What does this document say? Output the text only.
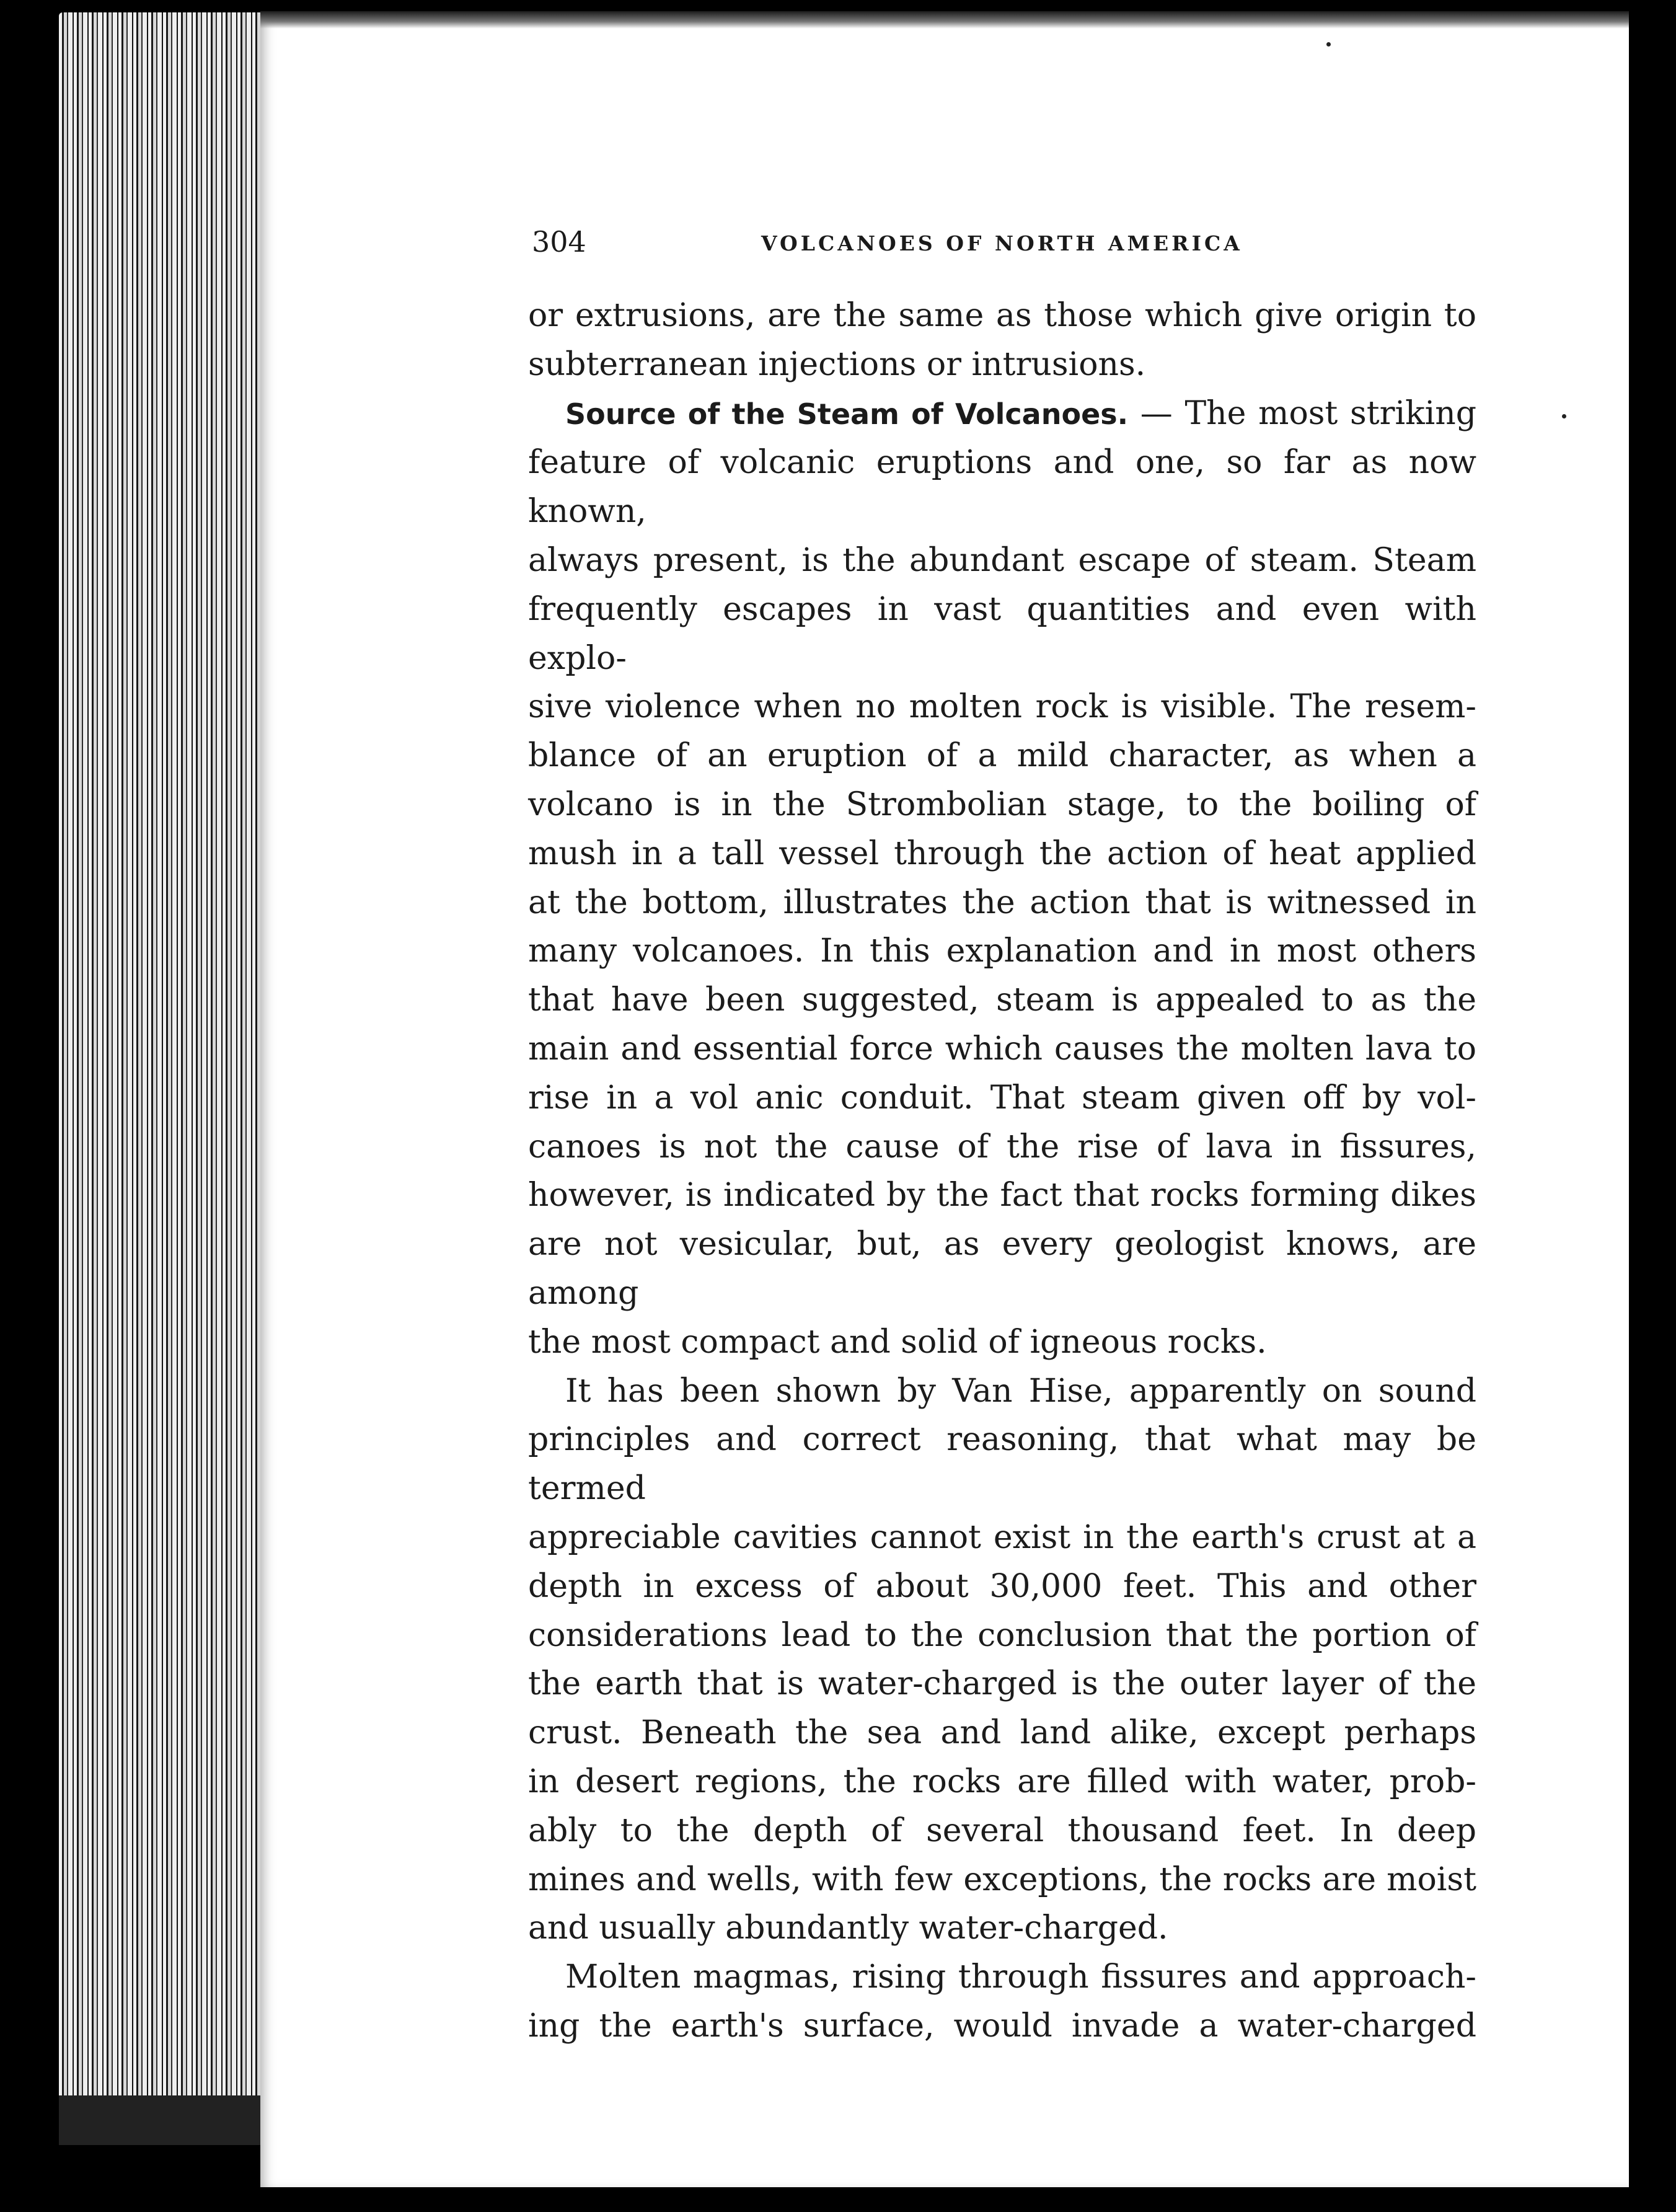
304	VOLCANOES OF NORTH AMERICA

or extrusions, are the same as those which give origin to

subterranean injections or intrusions.

Source of the Steam of Volcanoes. — The most striking

feature of volcanic eruptions and one, so far as now known,

always present, is the abundant escape of steam. Steam

frequently escapes in vast quantities and even with explo-

sive violence when no molten rock is visible. The resem-

blance of an eruption of a mild character, as when a

volcano is in the Strombolian stage, to the boiling of

mush in a tall vessel through the action of heat applied

at the bottom, illustrates the action that is witnessed in

many volcanoes. In this explanation and in most others

that have been suggested, steam is appealed to as the

main and essential force which causes the molten lava to

rise in a vol anic conduit. That steam given off by vol-

canoes is not the cause of the rise of lava in fissures,

however, is indicated by the fact that rocks forming dikes

are not vesicular, but, as every geologist knows, are among

the most compact and solid of igneous rocks.

It has been shown by Van Hise, apparently on sound

principles and correct reasoning, that what may be termed

appreciable cavities cannot exist in the earth's crust at a

depth in excess of about 30,000 feet. This and other

considerations lead to the conclusion that the portion of

the earth that is water-charged is the outer layer of the

crust. Beneath the sea and land alike, except perhaps

in desert regions, the rocks are filled with water, prob-

ably to the depth of several thousand feet. In deep

mines and wells, with few exceptions, the rocks are moist

and usually abundantly water-charged.

Molten magmas, rising through fissures and approach-

ing the earth's surface, would invade a water-charged
